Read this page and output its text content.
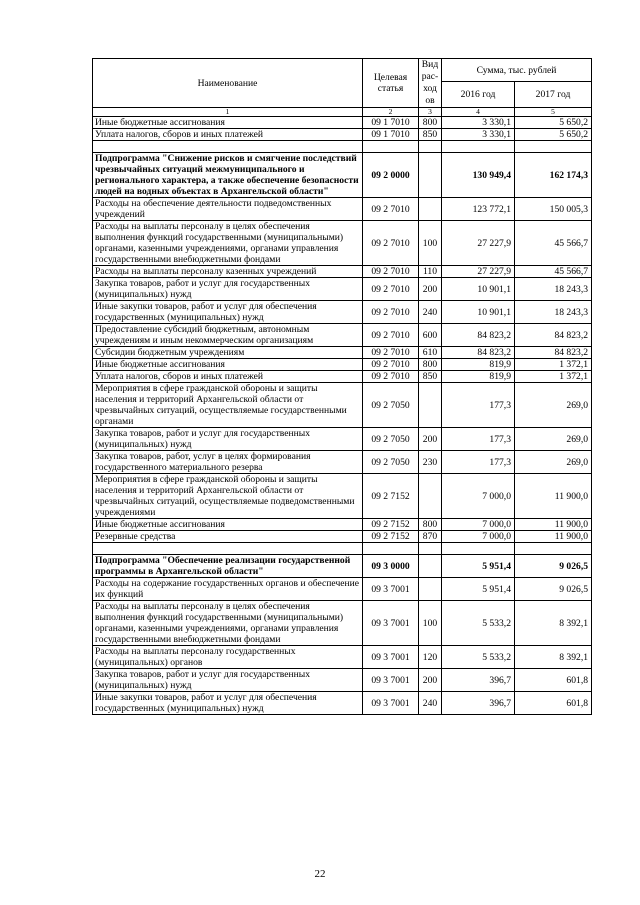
Наименование	Целевая статья	Вид рас-ходов	Сумма, тыс. рублей	
			2016 год	2017 год
1	2	3	4	5
Иные бюджетные ассигнования	09 1 7010	800	3 330,1	5 650,2
Уплата налогов, сборов и иных платежей	09 1 7010	850	3 330,1	5 650,2

Подпрограмма "Снижение рисков и смягчение последствий чрезвычайных ситуаций межмуниципального и регионального характера, а также обеспечение безопасности людей на водных объектах в Архангельской области"	09 2 0000		130 949,4	162 174,3
Расходы на обеспечение деятельности подведомственных учреждений	09 2 7010		123 772,1	150 005,3
Расходы на выплаты персоналу в целях обеспечения выполнения функций государственными (муниципальными) органами, казенными учреждениями, органами управления государственными внебюджетными фондами	09 2 7010	100	27 227,9	45 566,7
Расходы на выплаты персоналу казенных учреждений	09 2 7010	110	27 227,9	45 566,7
Закупка товаров, работ и услуг для государственных (муниципальных) нужд	09 2 7010	200	10 901,1	18 243,3
Иные закупки товаров, работ и услуг для обеспечения государственных (муниципальных) нужд	09 2 7010	240	10 901,1	18 243,3
Предоставление субсидий бюджетным, автономным учреждениям и иным некоммерческим организациям	09 2 7010	600	84 823,2	84 823,2
Субсидии бюджетным учреждениям	09 2 7010	610	84 823,2	84 823,2
Иные бюджетные ассигнования	09 2 7010	800	819,9	1 372,1
Уплата налогов, сборов и иных платежей	09 2 7010	850	819,9	1 372,1
Мероприятия в сфере гражданской обороны и защиты населения и территорий Архангельской области от чрезвычайных ситуаций, осуществляемые государственными органами	09 2 7050		177,3	269,0
Закупка товаров, работ и услуг для государственных (муниципальных) нужд	09 2 7050	200	177,3	269,0
Закупка товаров, работ, услуг в целях формирования государственного материального резерва	09 2 7050	230	177,3	269,0
Мероприятия в сфере гражданской обороны и защиты населения и территорий Архангельской области от чрезвычайных ситуаций, осуществляемые подведомственными учреждениями	09 2 7152		7 000,0	11 900,0
Иные бюджетные ассигнования	09 2 7152	800	7 000,0	11 900,0
Резервные средства	09 2 7152	870	7 000,0	11 900,0

Подпрограмма "Обеспечение реализации государственной программы в Архангельской области"	09 3 0000		5 951,4	9 026,5
Расходы на содержание государственных органов и обеспечение их функций	09 3 7001		5 951,4	9 026,5
Расходы на выплаты персоналу в целях обеспечения выполнения функций государственными (муниципальными) органами, казенными учреждениями, органами управления государственными внебюджетными фондами	09 3 7001	100	5 533,2	8 392,1
Расходы на выплаты персоналу государственных (муниципальных) органов	09 3 7001	120	5 533,2	8 392,1
Закупка товаров, работ и услуг для государственных (муниципальных) нужд	09 3 7001	200	396,7	601,8
Иные закупки товаров, работ и услуг для обеспечения государственных (муниципальных) нужд	09 3 7001	240	396,7	601,8
22
